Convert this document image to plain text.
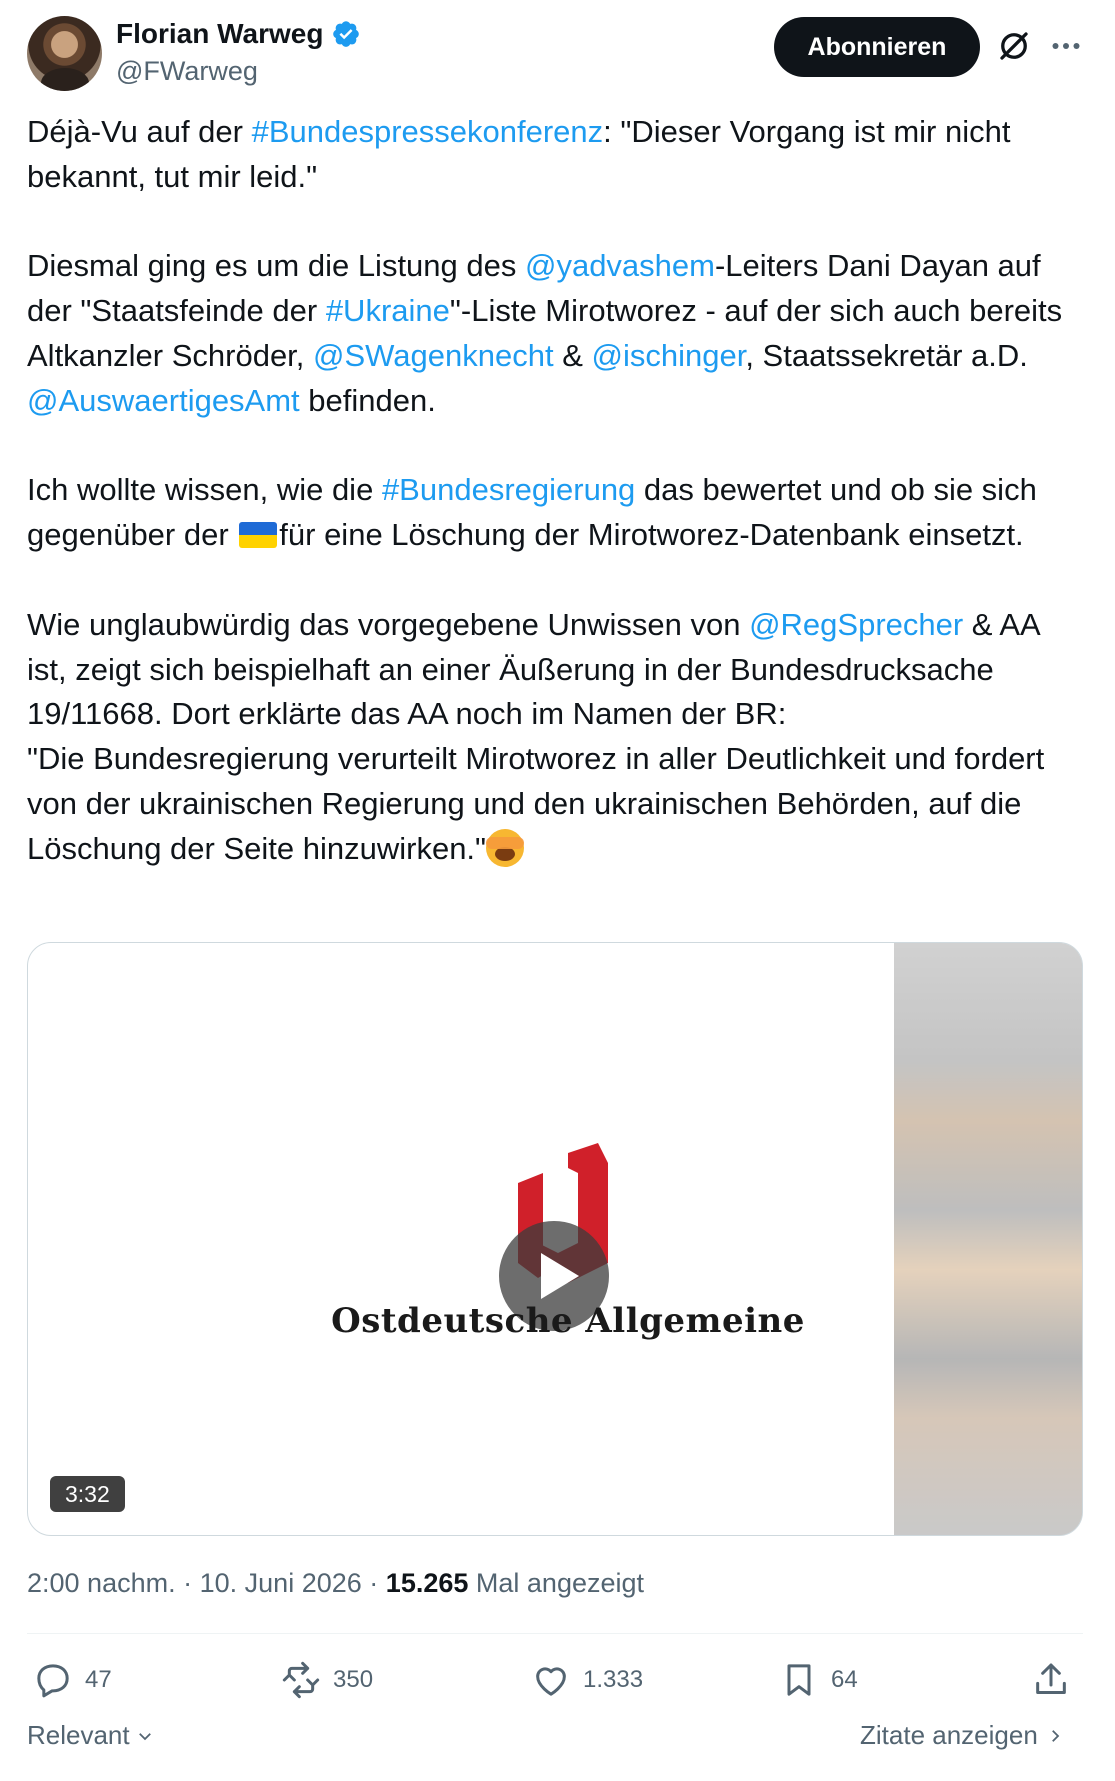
Florian Warweg
@FWarweg
Abonnieren

Déjà-Vu auf der #Bundespressekonferenz: "Dieser Vorgang ist mir nicht bekannt, tut mir leid."

Diesmal ging es um die Listung des @yadvashem-Leiters Dani Dayan auf der "Staatsfeinde der #Ukraine"-Liste Mirotworez - auf der sich auch bereits Altkanzler Schröder, @SWagenknecht & @ischinger, Staatssekretär a.D. @AuswaertigesAmt befinden.

Ich wollte wissen, wie die #Bundesregierung das bewertet und ob sie sich gegenüber der
für eine Löschung der Mirotworez-Datenbank einsetzt.

Wie unglaubwürdig das vorgegebene Unwissen von @RegSprecher & AA ist, zeigt sich beispielhaft an einer Äußerung in der Bundesdrucksache 19/11668. Dort erklärte das AA noch im Namen der BR:

"Die Bundesregierung verurteilt Mirotworez in aller Deutlichkeit und fordert von der ukrainischen Regierung und den ukrainischen Behörden, auf die Löschung der Seite hinzuwirken."

Ostdeutsche Allgemeine
3:32
2:00 nachm. · 10. Juni 2026 · 15.265 Mal angezeigt
47	350	1.333	64
Relevant	Zitate anzeigen
